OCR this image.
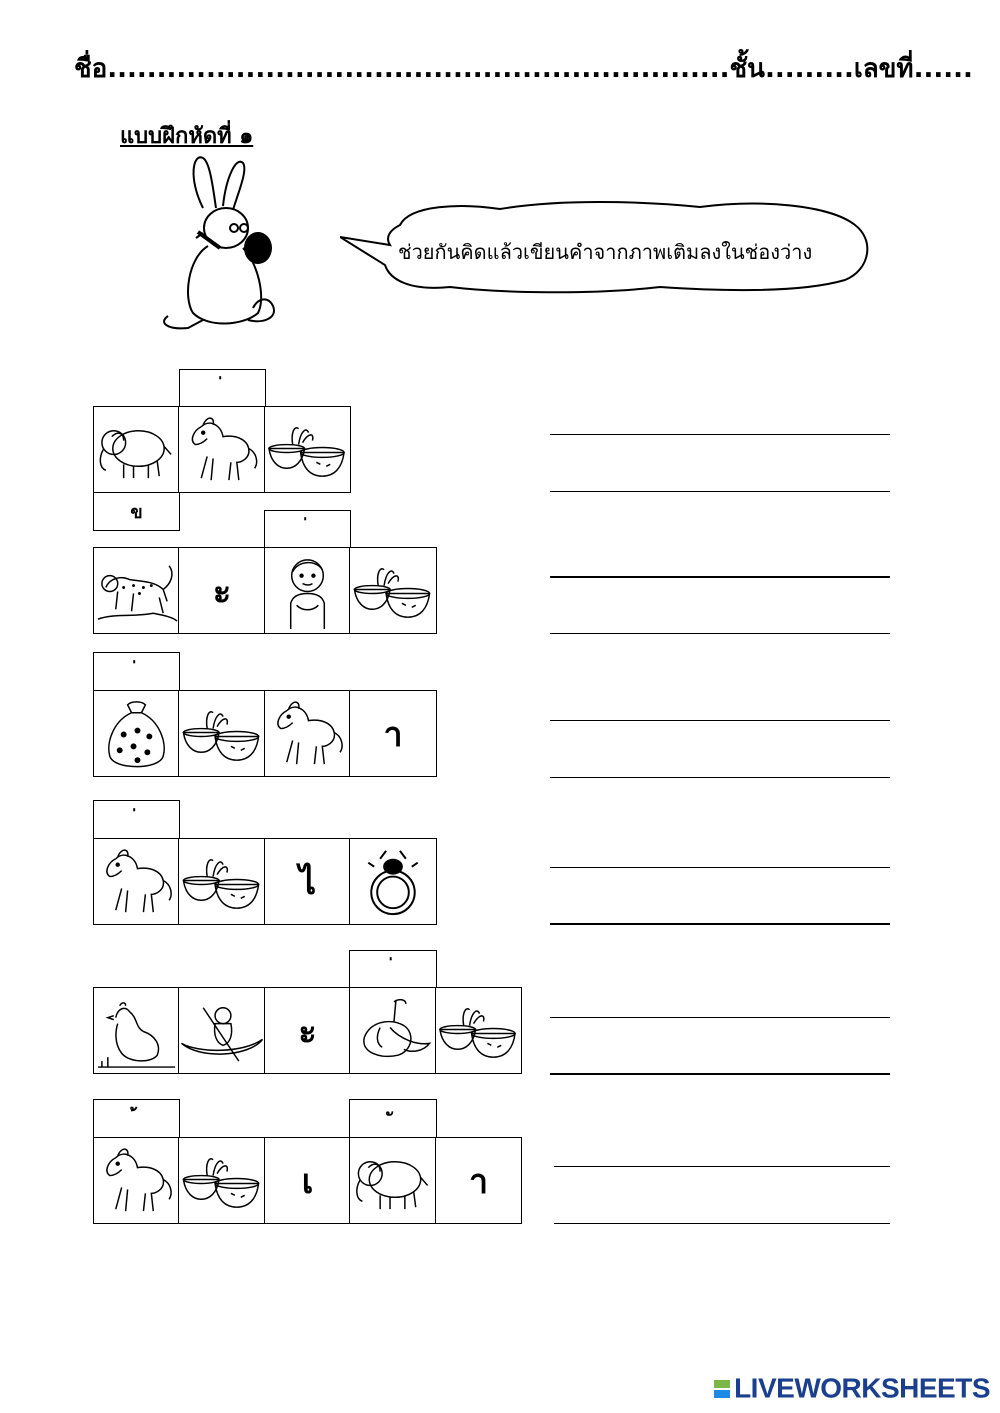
ชื่อ...............................................................ชั้น.........เลขที่......
แบบฝึกหัดที่ ๑
ช่วยกันคิดแล้วเขียนคำจากภาพเติมลงในช่องว่าง
ข
ะ
า
ไ
ะ
เ	า
LIVEWORKSHEETS
